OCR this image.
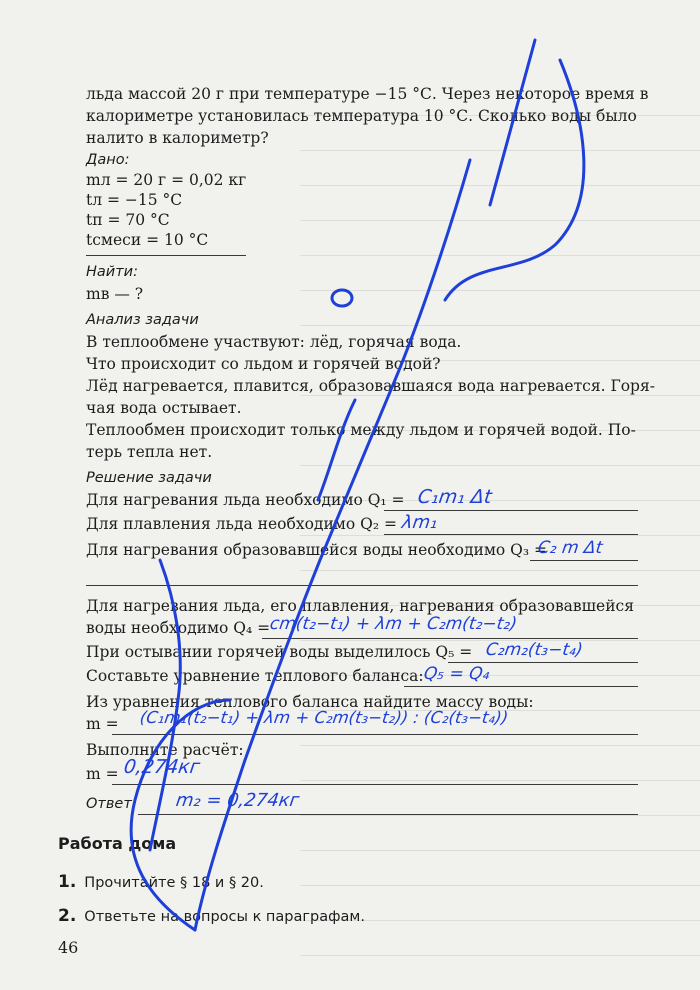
льда массой 20 г при температуре −15 °С. Через некоторое время в
калориметре установилась температура 10 °С. Сколько воды было
налито в калориметр?
Дано:
mл = 20 г = 0,02 кг
tл = −15 °С
tп = 70 °С
tсмеси = 10 °С
Найти:
mв — ?
Анализ задачи
В теплообмене участвуют: лёд, горячая вода.
Что происходит со льдом и горячей водой?
Лёд нагревается, плавится, образовавшаяся вода нагревается. Горя-
чая вода остывает.
Теплообмен происходит только между льдом и горячей водой. По-
терь тепла нет.
Решение задачи
Для нагревания льда необходимо Q₁ = C₁m₁ Δt
Для плавления льда необходимо Q₂ = λm₁
Для нагревания образовавшейся воды необходимо Q₃ =
C₂ m Δt
Для нагревания льда, его плавления, нагревания образовавшейся
воды необходимо Q₄ =
cm(t₂−t₁) + λm + C₂m(t₂−t₂)
При остывании горячей воды выделилось Q₅ = C₂m₂(t₃−t₄)
Составьте уравнение теплового баланса:
Q₅ = Q₄
Из уравнения теплового баланса найдите массу воды:
m = (C₁m₁(t₂−t₁) + λm + C₂m(t₃−t₂)) : (C₂(t₃−t₄))
Выполните расчёт:
m = 0,274кг
Ответ: m₂ = 0,274кг
Работа дома
1. Прочитайте § 18 и § 20.
2. Ответьте на вопросы к параграфам.
46
